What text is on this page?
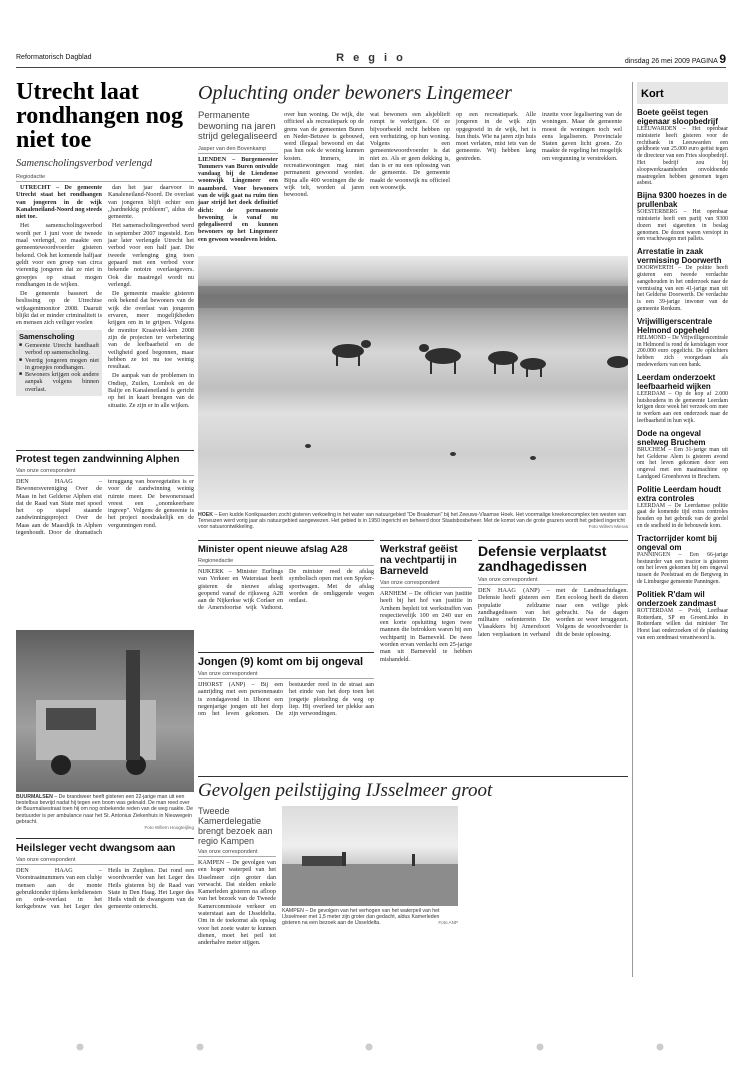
Reformatorisch Dagblad	R e g i o	dinsdag 26 mei 2009 PAGINA 9
Utrecht laat rondhangen nog niet toe
Samenscholingsverbod verlengd
Regiodactie

UTRECHT – De gemeente Utrecht staat het rondhangen van jongeren in de wijk Kanaleneiland-Noord nog steeds niet toe.

Het samenscholingsverbod wordt per 1 juni voor de tweede maal verlengd, zo maakte een gemeentewoordvoerder gisteren bekend. Ook het komende halfjaar geldt voor een groep van circa vierentig jongeren dat ze niet in groepjes op straat mogen rondhangen in de wijken.

De gemeente basseert de beslissing op de Utrechtse wijkagentmonitor 2008. Daaruit blijkt dat er minder criminaliteit is en mensen zich veiliger voelen

Samenscholing
■ Gemeente Utrecht handhaaft verbod op samenscholing.
■ Veertig jongeren mogen niet in groepjes rondhangen.
■ Bewoners krijgen ook andere aanpak volgens binnen overlast.

dan het jaar daarvoor in Kanaleneiland-Noord. De overlast van jongeren blijft echter een ,,hardnekkig probleem", aldus de gemeente.

Het samenscholingsverbod werd in september 2007 ingesteld. Een jaar later verlengde Utrecht het verbod voor een half jaar. Die tweede verlenging ging toen gepaard met een verbod voor bekende notoire overlastgevers. Ook die maatregel wordt nu verlengd.

De gemeente maakte gisteren ook bekend dat bewoners van de wijk die overlast van jongeren ervaren, meer mogelijkheden krijgen om in te grijpen. Volgens de monitor Kraaiveld-ken 2008 zijn de projecten ter verbetering van de leefbaarheid en de veiligheid goed begonnen, maar hebben ze tot nu toe weinig resultaat.

De aanpak van de problemen in Ondiep, Zuilen, Lombok en de Balije en Kanaleneiland is gericht op het in kaart brengen van de situatie. Ze zijn er in alle wijken.

Opluchting onder bewoners Lingemeer
Permanente bewoning na jaren strijd gelegaliseerd
Jasper van den Bovenkamp
LIENDEN – Burgemeester Tummers van Buren ontvulde vandaag bij de Liendense woonwijk Lingemeer een naambord. Voor bewoners van de wijk gaat na ruim tien jaar strijd het doek definitief dicht: de permanente bewoning is vanaf nu gelegaliseerd en kunnen bewoners op het Lingemeer een gewoon woonleven leiden.
over hun woning. De wijk, die officieel als recreatiepark op de grens van de gemeenten Buren en Neder-Betuwe is gebouwd, werd illegaal bewoond en dat pas hun ook de woning kunnen kosten. Immers, in recreatiewoningen mag niet permanent gewoond worden. Bijna alle 400 woningen die de wijk telt, worden al jaren bewoond.
wat bewoners een alsjeblieft rompt te verkrijgen. Of ze bijvoorbeeld recht hebben op een verhuizing, op hun woning. Volgens een gemeentewoordvoerder is dat niet zo. Als er geen dekking is, dan is er nu een oplossing van de gemeente. De gemeente maakt de woonwijk nu officieel een woonwijk.
op een recreatiepark. Alle jongeren in de wijk zijn opgegroeid in de wijk, het is hun thuis. Wie na jaren zijn huis moet verlaten, mist iets van de gemeente. Wij hebben lang gestreden.
inzette voor legalisering van de woningen. Maar de gemeente moest de woningen toch wel eens legaliseren. Provinciale Staten gaven licht groen. Zo maakte de regeling het mogelijk om vergunning te verstrekken.
Kort
Boete geëist tegen eigenaar sloopbedrijf
LEEUWARDEN – Het openbaar ministerie heeft gisteren voor de rechtbank in Leeuwarden een geldboete van 25.000 euro geëist tegen de directeur van een Fries sloopbedrijf. Het bedrijf zou bij sloopwerkzaamheden onvoldoende maatregelen hebben genomen tegen asbest.
Bijna 9300 hoezes in de prullenbak
SOESTERBERG – Het openbaar ministerie heeft een partij van 9300 dozen met sigaretten in beslag genomen. De dozen waren verstopt in een vrachtwagen met pallets.
Arrestatie in zaak vermissing Doorwerth
DOORWERTH – De politie heeft gisteren een tweede verdachte aangehouden in het onderzoek naar de vermissing van een 41-jarige man uit het Gelderse Doorwerth. De verdachte is een 39-jarige inwoner van de gemeente Renkum.
Vrijwilligerscentrale Helmond opgeheld
HELMOND – De Vrijwilligerscentrale in Helmond is rond de kerstdagen voor 200.000 euro opgelicht. De oplichters hebben zich voorgedaan als medewerkers van een bank.
Leerdam onderzoekt leefbaarheid wijken
LEERDAM – Op de kop af 2.000 huishoudens in de gemeente Leerdam krijgen deze week het verzoek om mee te werken aan een onderzoek naar de leefbaarheid in hun wijk.
Dode na ongeval snelweg Bruchem
BRUCHEM – Een 31-jarige man uit het Gelderse Alem is gisteren avond om het leven gekomen door een ongeval met een maaimachine op Landgoed Groenhoven in Bruchem.
Politie Leerdam houdt extra controles
LEERDAM – De Leerdamse politie gaat de komende tijd extra controles houden op het gebruik van de gordel en de snelheid in de bebouwde kom.
Tractorrijder komt bij ongeval om
PANNINGEN – Een 66-jarige bestuurder van een tractor is gisteren om het leven gekomen bij een ongeval tussen de Peelstraat en de Bergweg in de Limburgse gemeente Panningen.
Politiek R'dam wil onderzoek zandmast
ROTTERDAM – Pvdd, Leefbaar Rotterdam, SP en GroenLinks in Rotterdam willen dat minister Ter Horst laat onderzoeken of de plaatsing van een zendmast verantwoord is.
HOEK – Een kudde Konikpaarden zocht gisteren verkoeling in het water van natuurgebied "De Braakman" bij het Zeeuws-Vlaamse Hoek. Het voormalige kreekencomplex ten westen van Terneuzen werd vorig jaar als natuurgebied aangewezen. Het gebied is in 1950 ingericht en beheerd door Staatsbosbeheer. Met de komst van de grote grazers wordt het gebied ingericht voor natuurontwikkeling.	Foto Willem Mieras
Protest tegen zandwinning Alphen
Van onze correspondent
DEN HAAG – Bewonersvereniging Over de Maas in het Gelderse Alphen eist dat de Raad van State met spoed het op stapel staande zandwinningsproject Over de Maas aan de Maasdijk in Alphen tegenhoudt. Door de dramatisch teruggang van bosvegetaties is er voor de zandwinning weinig ruimte meer. De bewonersraad vreest een ,,onomkeerbare ingreep". Volgens de gemeente is het project noodzakelijk en de vergunningen rond.
Minister opent nieuwe afslag A28
Regionedactie
NIJKERK – Minister Eurlings van Verkeer en Waterstaat heeft gisteren de nieuwe afslag geopend vanaf de rijksweg A28 aan de Nijkerkse wijk Corlaer en de Amersfoortse wijk Vathorst. De minister reed de afslag symbolisch open met een Spyker-sportwagen. Met de afslag worden de omliggende wegen ontlast.
Jongen (9) komt om bij ongeval
Van onze correspondent
IJHORST (ANP) – Bij een aanrijding met een personenauto is zondagavond in IJhorst een negenjarige jongen uit het dorp om het leven gekomen. De bestuurder reed in de straat aan het einde van het dorp toen het jongetje plotseling de weg op liep. Hij overleed ter plekke aan zijn verwondingen.
Werkstraf geëist na vechtpartij in Barneveld
Van onze correspondent
ARNHEM – De officier van justitie heeft bij het hof van justitie in Arnhem bepleit tot werkstraffen van respectievelijk 100 en 240 uur en een korte opsluiting tegen twee mannen die betrokken waren bij een vechtpartij in Barneveld. De twee worden ervan verdacht een 25-jarige man uit Barneveld te hebben mishandeld.
Defensie verplaatst zandhagedissen
Van onze correspondent
DEN HAAG (ANP) – Defensie heeft gisteren een populatie zeldzame zandhagedissen van het militaire oefenterrein De Vlasakkers bij Amersfoort laten verplaatsen in verband met de Landmachtdagen. Een ecoloog heeft de dieren naar een veilige plek gebracht. Na de dagen worden ze weer teruggezet. Volgens de woordvoerder is dit de beste oplossing.
BUURMALSEN – De brandweer heeft gisteren een 22-jarige man uit een bestelbus bevrijd nadat hij tegen een boom was geknald. De man reed over de Buurmalsestraat toen hij om nog onbekende reden van de weg raakte. De bestuurder is per ambulance naar het St. Antonius Ziekenhuis in Nieuwegein gebracht.
Foto Willem Hoogteijling
Heilsleger vecht dwangsom aan
Van onze correspondent
DEN HAAG – Voorstraatnummers van een clubje mensen aan de monte gebruiktonder tijdens kerkdiensten en orde-overlast in het kerkgebouw van het Leger des Heils in Zutphen. Dat rond een woordvoerder van het Leger des Heils gisteren bij de Raad van State in Den Haag. Het Leger des Heils vindt de dwangsom van de gemeente onterecht.
Gevolgen peilstijging IJsselmeer groot
Tweede Kamerdelegatie brengt bezoek aan regio Kampen
Van onze correspondent
KAMPEN – De gevolgen van een hoger waterpeil van het IJsselmeer zijn groter dan verwacht. Dat stelden enkele Kamerleden gisteren na afloop van het bezoek van de Tweede Kamercommissie verkeer en waterstaat aan de IJsseldelta. Om in de toekomst als opslag voor het zoete water te kunnen dienen, moet het peil tot anderhalve meter stijgen.
KAMPEN – De gevolgen van het verhogen van het waterpeil van het IJsselmeer met 1,5 meter zijn groter dan gedacht, aldus Kamerleden gisteren na een bezoek aan de IJsseldelta.	Foto ANP
